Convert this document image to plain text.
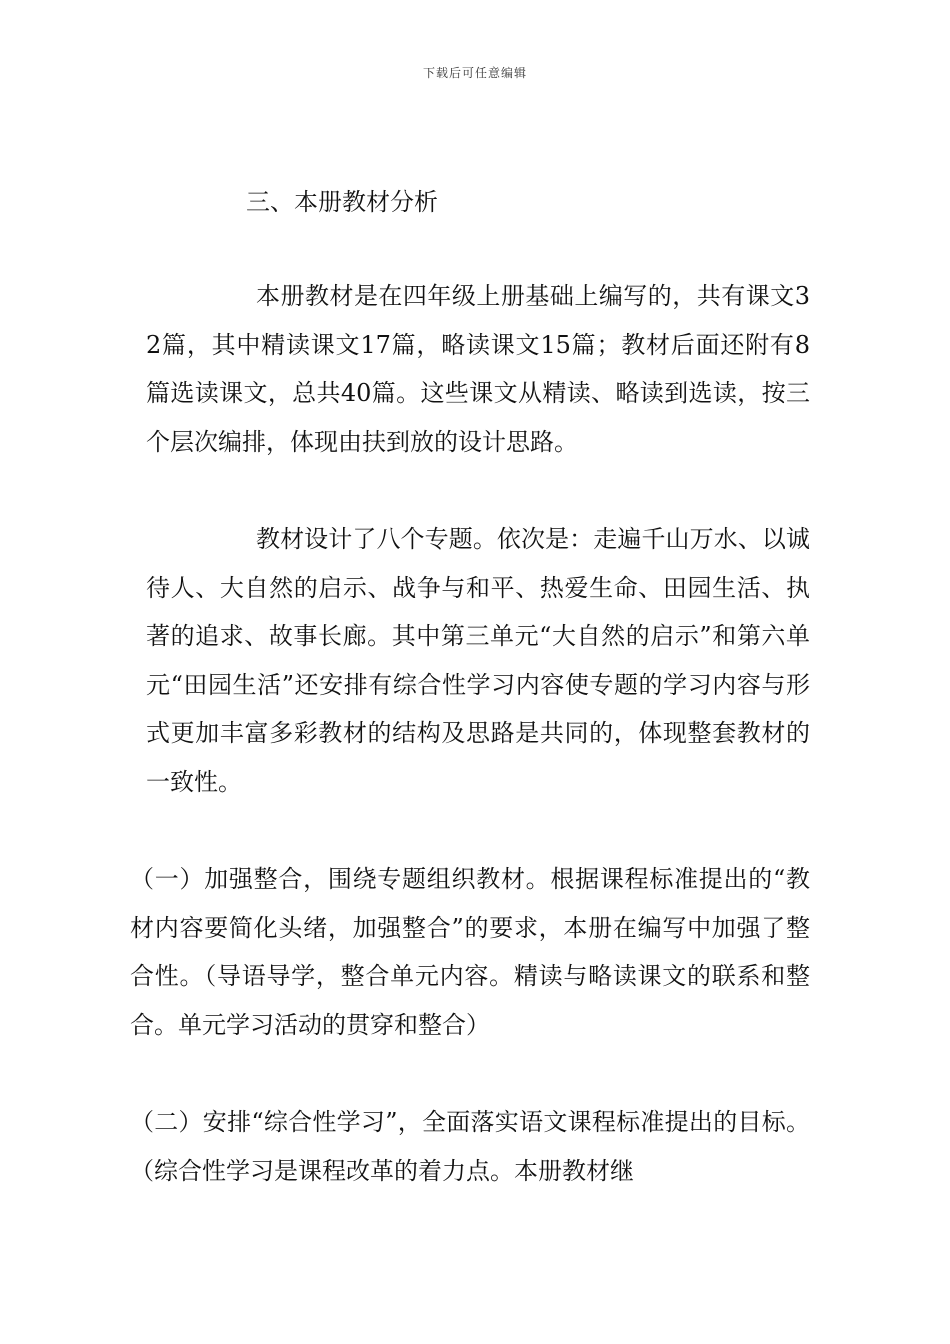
下载后可任意编辑
三、本册教材分析

本册教材是在四年级上册基础上编写的，共有课文32篇，其中精读课文17篇，略读课文15篇；教材后面还附有8篇选读课文，总共40篇。这些课文从精读、略读到选读，按三个层次编排，体现由扶到放的设计思路。

教材设计了八个专题。依次是：走遍千山万水、以诚待人、大自然的启示、战争与和平、热爱生命、田园生活、执著的追求、故事长廊。其中第三单元“大自然的启示”和第六单元“田园生活”还安排有综合性学习内容使专题的学习内容与形式更加丰富多彩教材的结构及思路是共同的，体现整套教材的一致性。

（一）加强整合，围绕专题组织教材。根据课程标准提出的“教材内容要简化头绪，加强整合”的要求，本册在编写中加强了整合性。（导语导学，整合单元内容。精读与略读课文的联系和整合。单元学习活动的贯穿和整合）

（二）安排“综合性学习”，全面落实语文课程标准提出的目标。（综合性学习是课程改革的着力点。本册教材继
